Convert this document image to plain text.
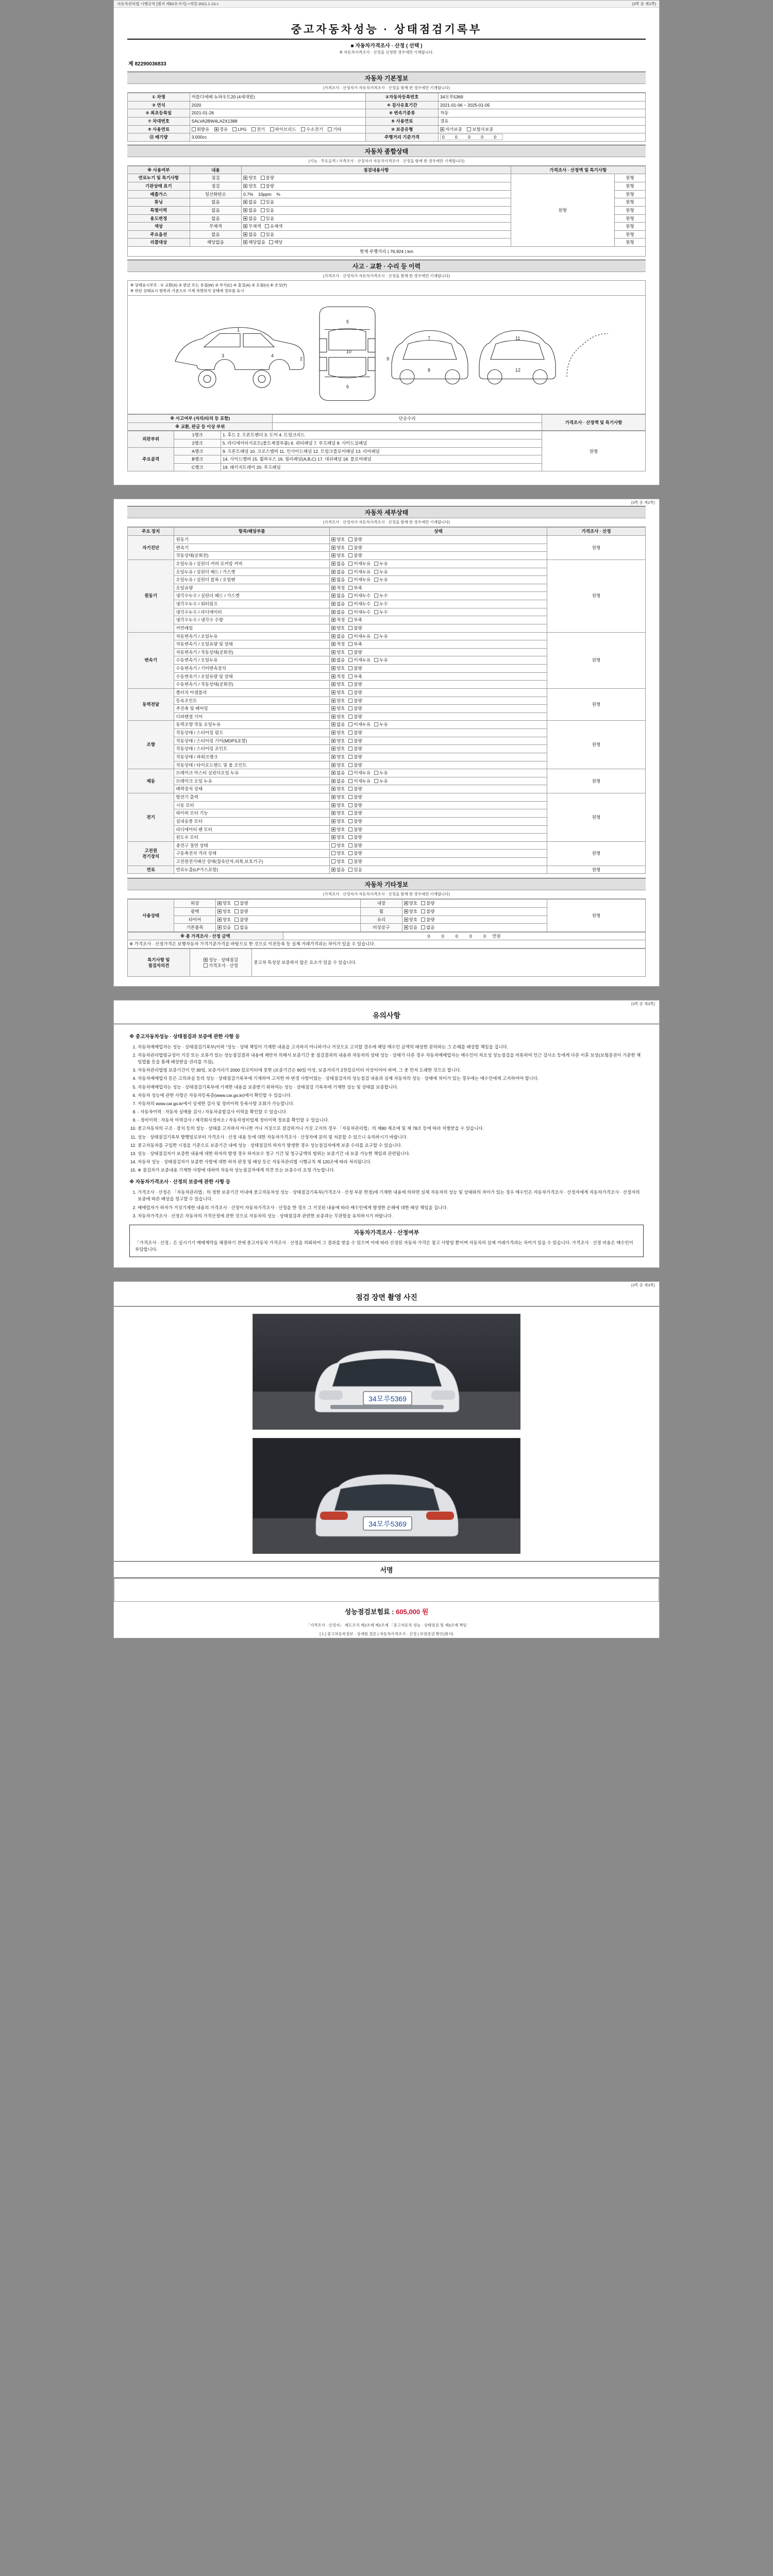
자동차관리법 시행규칙 [별지 제82호서식] <개정 2021.1.13.>	(3쪽 중 제1쪽)
중고자동차성능 · 상태점검기록부
■ 자동차가격조사 · 산정 ( 선택 )
※ 자동차가격조사 · 산정을 신청한 경우에만 기재합니다.
제 82290036833
자동차 기본정보
(가격조사 · 산정자가 자동차가격조사 · 산정을 함께 한 경우에만 기재합니다)
① 차명	머플디에베 뉴파우트20 (4세대알)	②자동차등록번호	34모루5369
③ 연식	2020	④ 검사유효기간	2021-01-06 ~ 2025-01-05
⑤ 최초등록일	2021-01-26	⑥ 변속기종류	자동
⑦ 차대번호	SALVA2BW4LA2X1388	⑧ 사용연료	경유
⑨ 사용연료	휘발유 경유 LPG 전기 하이브리드 수소전기 기타	⑩ 보증유형	자가보증 보험사보증
⑪ 배기량	3,000cc	주행거리 기준가격	0 0 0 0 0
자동차 종합상태
(기능 · 주요골격 / 가격조사 · 산정자가 자동차가격조사 · 산정을 함께 한 경우에만 기재합니다)
※ 사용여부	내용	점검내용사항	가격조사 · 산정액 및 특기사항	
연료누기 및 특기사항	점검	양호 불량	원형	원형
기관상태 표기	점검	양호 불량		원형
배출가스	일산화탄소	0.7% 10ppm %		원형
튜닝	없음	없음 있음		원형
특별이력	없음	없음 있음		원형
용도변경	없음	없음 있음		원형
색상	무채색	무채색 유채색		원형
주요옵션	없음	없음 있음		원형
리콜대상	해당없음	해당없음 해당		원형
현재 주행거리 ( 76,924 ) km
사고 · 교환 · 수리 등 이력
(가격조사 · 산정자가 자동차가격조사 · 산정을 함께 한 경우에만 기재합니다)
※ 상태표시부호 : ① 교환(X) ② 판금 또는 용접(W) ③ 부식(C) ④ 흠집(A) ⑤ 요철(U) ⑥ 손상(T)
※ 하단 상태표시 항목과 기준으로 기재 차량위치 상태에 정보를 표시
1
3	4
5
10
6
7
8
11
12
2	9
※ 사고여부 (자의/타의 등 포함)	단순수리	가격조사 · 산정액 및 특기사항
※ 교환, 판금 등 이상 부위		
외판부위	1랭크	1. 후드 2. 프론트펜더 3. 도어 4. 트렁크리드	원형
	2랭크	5. 라디에이터서포트(볼트체결부품) 6. 쿼터패널 7. 루프패널 8. 사이드실패널	
주요골격	A랭크	9. 프론트패널 10. 크로스멤버 11. 인사이드패널 12. 트렁크플로어패널 13. 리어패널	
	B랭크	14. 사이드멤버 15. 휠하우스 16. 필러패널(A,B,C) 17. 대쉬패널 18. 플로어패널	
	C랭크	19. 패키지트레이 20. 루프패널	
(3쪽 중 제2쪽)
자동차 세부상태
(가격조사 · 산정자가 자동차가격조사 · 산정을 함께 한 경우에만 기재합니다)
주요 장치	항목/해당부품	상태	가격조사 · 산정
자기진단	원동기	양호 불량	원형
	변속기	양호 불량	
	작동상태(공회전)	양호 불량	
원동기	오일누유 / 실린더 커버 로커암 커버	없음 미세누유 누유	원형
	오일누유 / 실린더 헤드 / 가스켓	없음 미세누유 누유	
	오일누유 / 실린더 블록 / 오일팬	없음 미세누유 누유	
	오일유량	적정 부족	
	냉각수누수 / 실린더 헤드 / 가스켓	없음 미세누수 누수	
	냉각수누수 / 워터펌프	없음 미세누수 누수	
	냉각수누수 / 라디에이터	없음 미세누수 누수	
	냉각수누수 / 냉각수 수량	적정 부족	
	커먼레일	양호 불량	
변속기	자동변속기 / 오일누유	없음 미세누유 누유	원형
	자동변속기 / 오일유량 및 상태	적정 부족	
	자동변속기 / 작동상태(공회전)	양호 불량	
	수동변속기 / 오일누유	없음 미세누유 누유	
	수동변속기 / 기어변속장치	양호 불량	
	수동변속기 / 오일유량 및 상태	적정 부족	
	수동변속기 / 작동상태(공회전)	양호 불량	
동력전달	클러치 어셈블리	양호 불량	원형
	등속조인트	양호 불량	
	추진축 및 베어링	양호 불량	
	디퍼렌셜 기어	양호 불량	
조향	동력조향 작동 오일누유	없음 미세누유 누유	원형
	작동상태 / 스티어링 펌프	양호 불량	
	작동상태 / 스티어링 기어(MDPS포함)	양호 불량	
	작동상태 / 스티어링 조인트	양호 불량	
	작동상태 / 파워크랭크	양호 불량	
	작동상태 / 타이로드엔드 및 볼 조인트	양호 불량	
제동	브레이크 마스터 실린더오일 누유	없음 미세누유 누유	원형
	브레이크 오일 누유	없음 미세누유 누유	
	배력장치 상태	양호 불량	
전기	발전기 출력	양호 불량	원형
	시동 모터	양호 불량	
	와이퍼 모터 기능	양호 불량	
	실내송풍 모터	양호 불량	
	라디에이터 팬 모터	양호 불량	
	윈도우 모터	양호 불량	
고전원
전기장치	충전구 절연 상태	양호 불량	원형
	구동축전지 격리 상태	양호 불량	
	고전원전기배선 상태(접속단자,피복,보호기구)	양호 불량	
연료	연료누출(LP가스포함)	없음 있음	원형
자동차 기타정보
(가격조사 · 산정자가 자동차가격조사 · 산정을 함께 한 경우에만 기재합니다)
사용상태	외장	양호 불량	내장	양호 불량	원형
	광택	양호 불량	휠	양호 불량	
	타이어	양호 불량	유리	양호 불량	
	기본품목	있음 없음	비상공구	있음 없음	
※ 총 가격조사 · 산정 금액	0 0 0 0 0 만원
※ 가격조사 · 산정가격은 보행자동차 가격기준가격을 바탕으로 한 것으로 이전등록 등 실제 거래가격과는 차이가 있을 수 있습니다.
특기사항 및
점검자의견	
성능 · 상태점검
가격조사 · 산정
	중고차 특성상 보증하지 않은 요소가 있을 수 있습니다.
(3쪽 중 제3쪽)
유의사항
※ 중고자동차성능 · 상태점검과 보증에 관한 사항 등
1. 자동차매매업자는 성능 · 상태점검기록부(이하 "성능 · 상태 책임이 기재한 내용을 고지하지 아니하거나 거짓으로 고지할 경우에 해당 매수인 금액의 배상한 문의하는 그 손해를 배상할 책임을 집니다.
2. 자동차관리법령규정이 거짓 또는 오류가 있는 성능점검결과 내용에 제안자 의해서 보증기간 중 점검결과의 내용과 자동차의 상태 성능 · 상태가 다른 경우 자동차매매업자는 매수인이 차오성 성능점검을 비롯하여 인근 검사소 등에게 다른 이후 보상(보험증권이 기준한 책임법률 등을 통해 배상받을 권리를 가짐),
3. 자동차관리법령 보증기간이 만 30일, 보증거리가 2000 킬로미터에 못한 (보증기간은 90일 이상, 보증거리가 2천킬로미터 이상이어야 하며, 그 중 먼저 도래한 것으로 합니다.
4. 자동차매매업자 등은 고의과실 등의 성능 · 상태점검기록부에 기재하여 고지한 바 변경 사항이었는 · 상태점검자의 성능점검 내용과 실제 자동차의 성능 · 상태에 차이가 있는 경우에는 매수인에게 고지하여야 합니다.
5. 자동차매매업자는 성능 · 상태점검기록부에 기재한 내용을 보증받기 위하여는 성능 · 상태점검 기록부에 기재한 성능 및 상태를 보증합니다.
6. 자동차 성능에 관한 사항은 자동차등록증(www.car.go.kr)에서 확인할 수 있습니다.
7. 자동차의 www.car.go.kr에서 상세한 검사 및 정비이력 등록사항 조회가 가능합니다.
8. - 자동차이력 : 자동차 실매물 검사 / 자동차종합검사 이력을 확인할 수 있습니다.
9. - 정비이력 : 자동차 이력검사 / 제작회사정비소 / 자동차정비업체 정비이력 정보를 확인할 수 있습니다.
10. 중고자동차의 구조 · 장치 등의 성능 · 상태를 고지하지 아니한 거나 거짓으로 점검하거나 거짓 고지의 경우 「자동차관리법」의 제80 제조에 및 제 78조 등에 따라 처벌받을 수 있습니다.
11. 성능 · 상태점검기록부 발행일로부터 가격조사 · 산정 내용 등에 대한 자동차가격조사 · 산정자에 문의 및 처분할 수 있으니 유의하시기 바랍니다.
12. 중고자동차를 구입한 시점을 기준으로 보증기간 내에 성능 · 상태점검의 하자가 발생한 경우 성능점검자에게 보증 수리를 요구할 수 있습니다.
13. 성능 · 상태점검자가 보증한 내용에 대한 하자의 발생 경우 하자보수 청구 기간 및 청구금액의 범위는 보증기간 내 보증 가능한 책임과 관련됩니다.
14. 자동차 성능 · 상태점검자가 보증한 사항에 대한 하자 판정 및 배상 등은 자동차관리법 시행규칙 제 120조에 따라 처리됩니다.
15. ※ 점검자가 보증내용 기재한 사항에 대하여 자동차 성능점검자에게 의견 또는 보증수리 요청 가능합니다.
※ 자동차가격조사 · 산정의 보증에 관한 사항 등
1. 가격조사 · 산정은 「자동차관리법」의 정한 보증기간 이내에 중고자동차성 성능 · 상태점검기록부(가격조사 · 산정 부분 한정)에 기재한 내용에 의하면 실제 자동차의 성능 및 상태와의 차이가 있는 경우 매수인은 자동차가격조사 · 산정자에게 자동차가격조사 · 산정자의 보증에 따른 배상을 청구할 수 있습니다.
2. 매매업자가 하자가 거짓기재한 내용의 가격조사 · 산정이 자동차가격조사 · 산정을 한 경우 그 거짓된 내용에 따라 매수인에게 발생한 손해에 대한 배상 책임을 집니다.
3. 자동차가격조사 · 산정은 자동차의 가격산정에 관한 것으로 자동차의 성능 · 상태점검과 관련한 보증과는 무관함을 유의하시기 바랍니다.
자동차가격조사 · 산정여부
「가격조사 · 산정」은 실시기기 매매계약을 체결하기 전에 중고자동차 가격조사 · 산정을 의뢰하여 그 결과를 받을 수 있으며 이에 따라 산정된 자동차 가격은 참고 사항일 뿐이며 자동차의 실제 거래가격과는 차이가 있을 수 있습니다. 가격조사 · 산정 비용은 매수인이 부담합니다.
(3쪽 중 제3쪽)
점검 장면 촬영 사진
34모루5369
34모루5369
서명
성능점검보험료 : 605,000 원
「가격조사 · 산정자」 제도조치 제2조제 제2조제 「중고자동차 성능 · 상태점검 및 제3조제 책임
[ 1 ] 중고차등록정보 · 상세함 결론 | 자동차가격조사 · 산정 | 보장증권 확인(회사)
